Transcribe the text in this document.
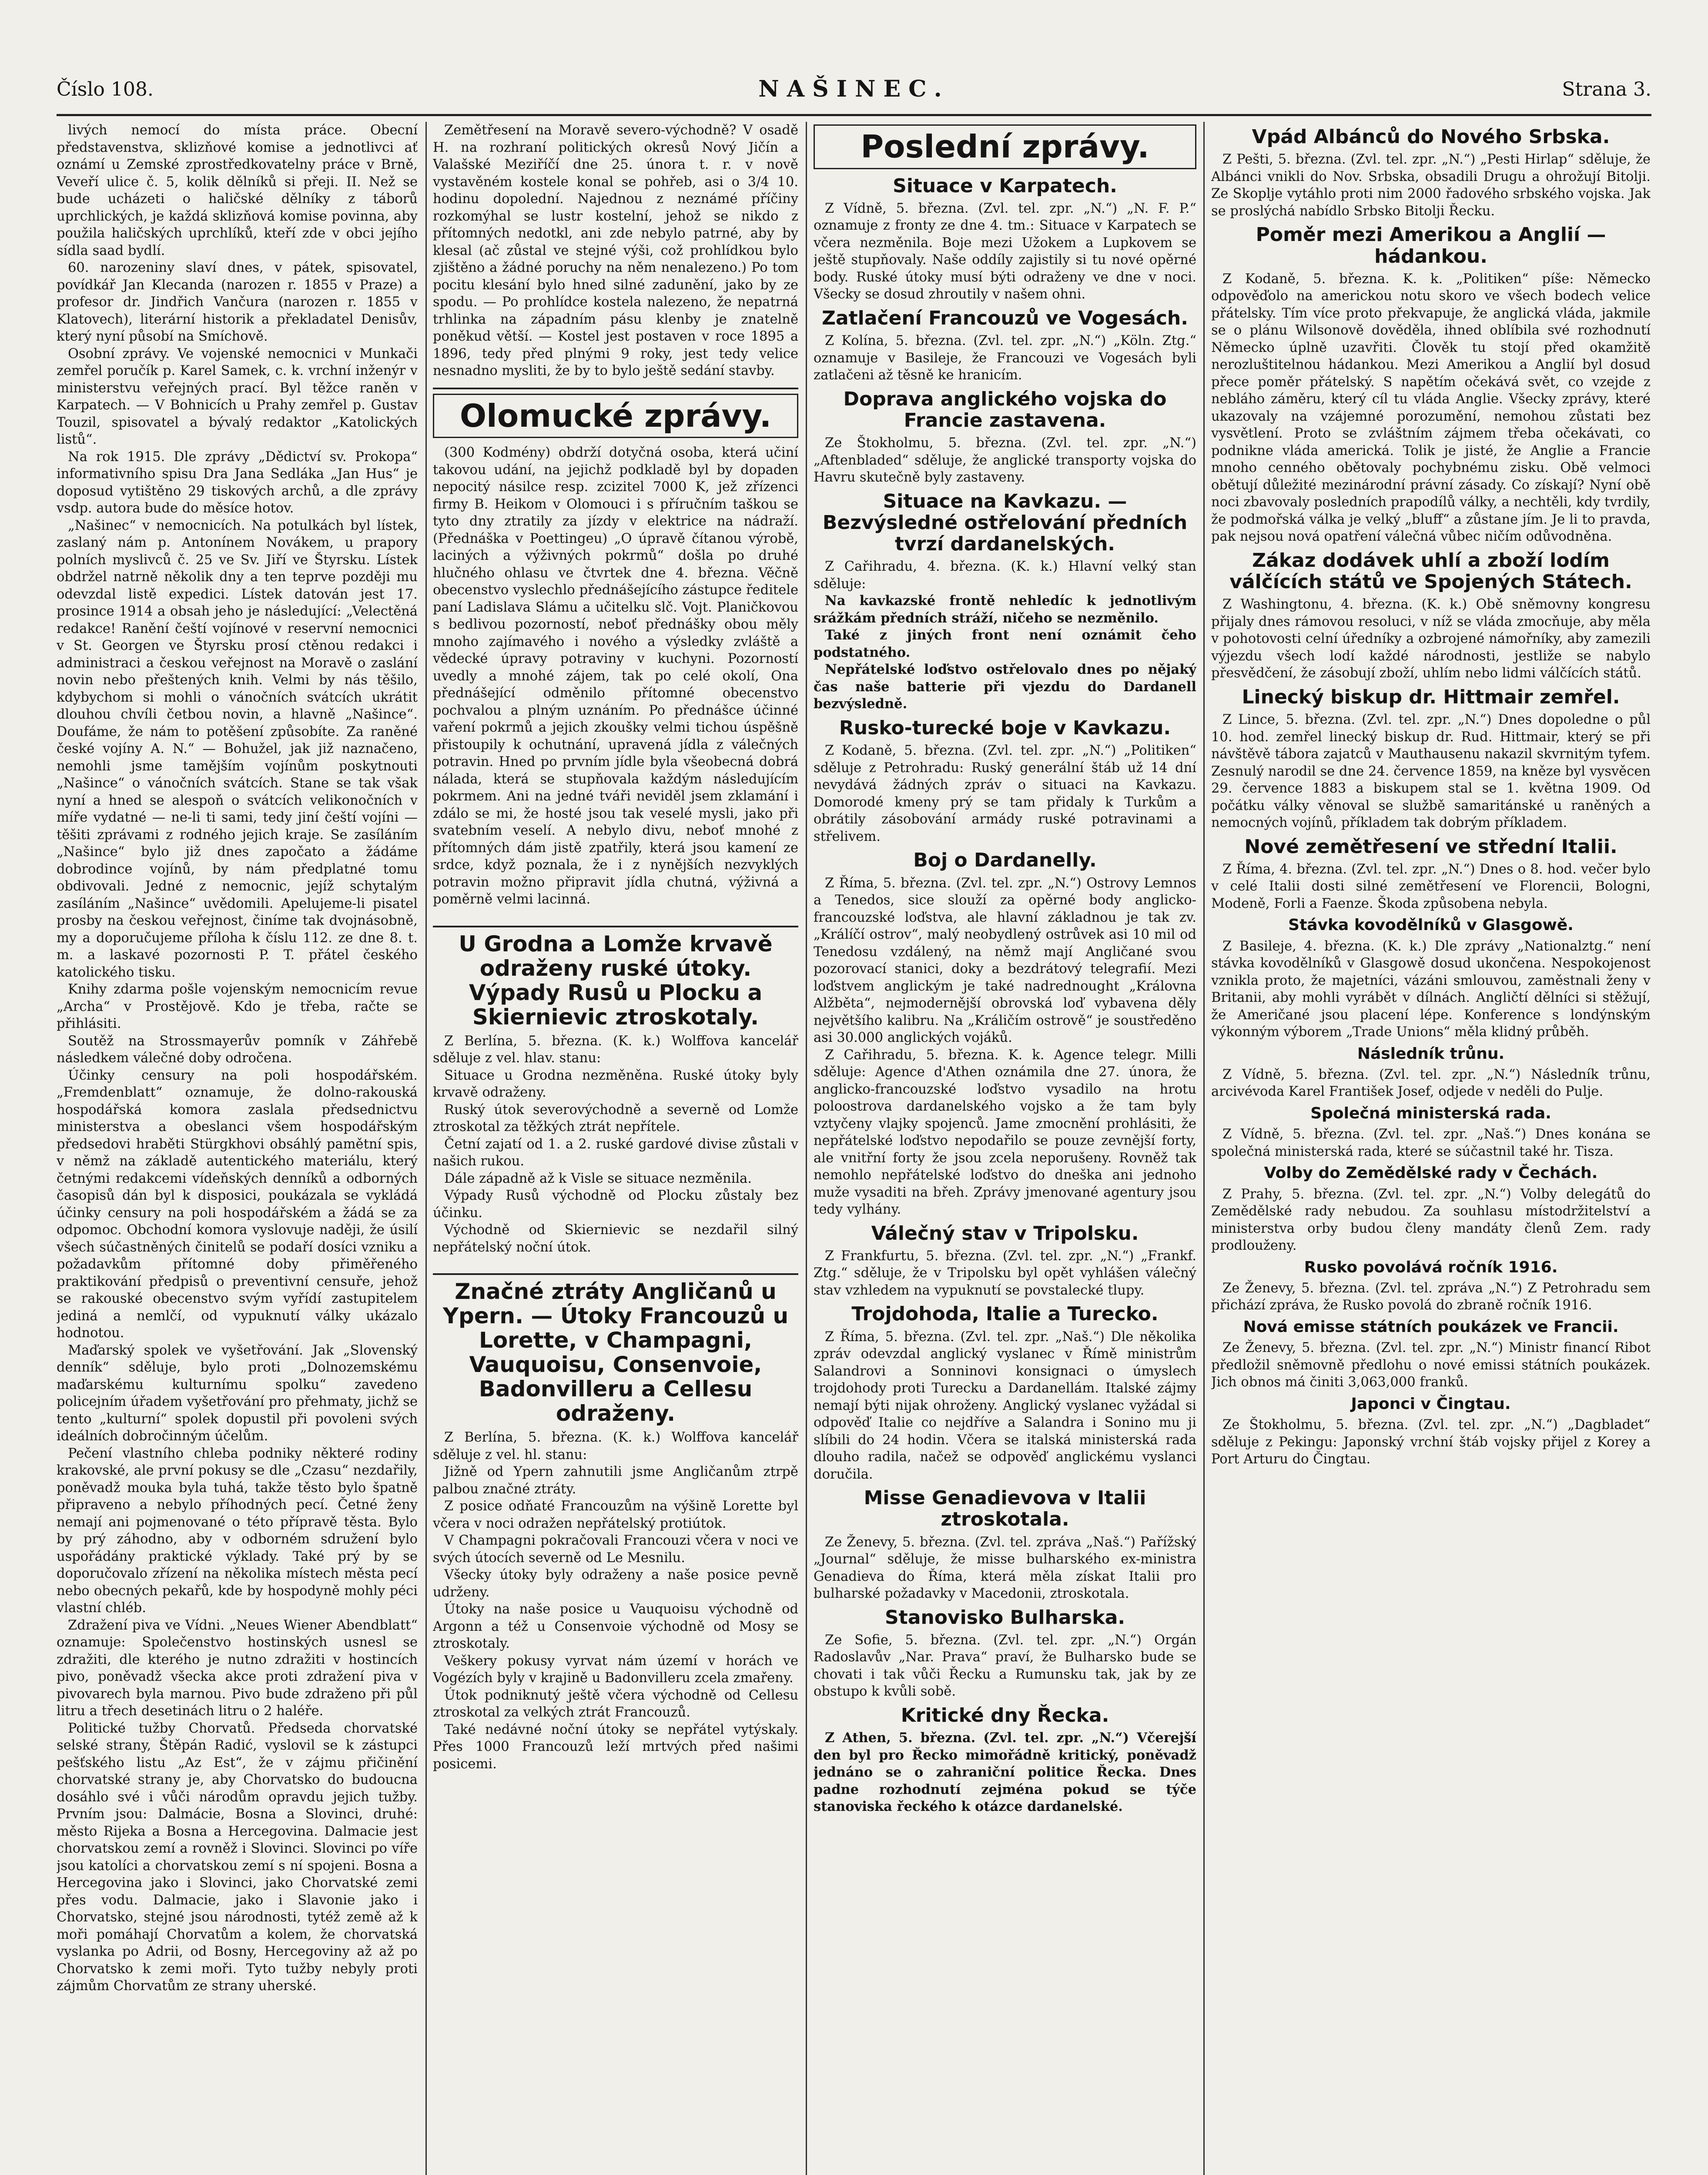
Číslo 108.	NAŠINEC.	Strana 3.

livých nemocí do místa práce. Obecní představenstva, sklizňové komise a jednotlivci ať oznámí u Zemské zprostředkovatelny práce v Brně, Veveří ulice č. 5, kolik dělníků si přeji. II. Než se bude ucházeti o haličské dělníky z táborů uprchlických, je každá sklizňová komise povinna, aby použila haličských uprchlíků, kteří zde v obci jejího sídla saad bydlí.

60. narozeniny slaví dnes, v pátek, spisovatel, povídkář Jan Klecanda (narozen r. 1855 v Praze) a profesor dr. Jindřich Vančura (narozen r. 1855 v Klatovech), literární historik a překladatel Denisův, který nyní působí na Smíchově.

Osobní zprávy. Ve vojenské nemocnici v Munkači zemřel poručík p. Karel Samek, c. k. vrchní inženýr v ministerstvu veřejných prací. Byl těžce raněn v Karpatech. — V Bohnicích u Prahy zemřel p. Gustav Touzil, spisovatel a bývalý redaktor „Katolických listů“.

Na rok 1915. Dle zprávy „Dědictví sv. Prokopa“ informativního spisu Dra Jana Sedláka „Jan Hus“ je doposud vytištěno 29 tiskových archů, a dle zprávy vsdp. autora bude do měsíce hotov.

„Našinec“ v nemocnicích. Na potulkách byl lístek, zaslaný nám p. Antonínem Novákem, u prapory polních myslivců č. 25 ve Sv. Jiří ve Štyrsku. Lístek obdržel natrně několik dny a ten teprve později mu odevzdal listě expedici. Lístek datován jest 17. prosince 1914 a obsah jeho je následující: „Velectěná redakce! Ranění čeští vojínové v reservní nemocnici v St. Georgen ve Štyrsku prosí ctěnou redakci i administraci a českou veřejnost na Moravě o zaslání novin nebo přeštených knih. Velmi by nás těšilo, kdybychom si mohli o vánočních svátcích ukrátit dlouhou chvíli četbou novin, a hlavně „Našince“. Doufáme, že nám to potěšení způsobíte. Za raněné české vojíny A. N.“ — Bohužel, jak již naznačeno, nemohli jsme tamějším vojínům poskytnouti „Našince“ o vánočních svátcích. Stane se tak však nyní a hned se alespoň o svátcích velikonočních v míře vydatné — ne-li ti sami, tedy jiní čeští vojíni — těšiti zprávami z rodného jejich kraje. Se zasíláním „Našince“ bylo již dnes započato a žádáme dobrodince vojínů, by nám předplatné tomu obdivovali. Jedné z nemocnic, jejíž schytalým zasíláním „Našince“ uvědomili. Apelujeme-li pisatel prosby na českou veřejnost, činíme tak dvojnásobně, my a doporučujeme příloha k číslu 112. ze dne 8. t. m. a laskavé pozornosti P. T. přátel českého katolického tisku.

Knihy zdarma pošle vojenským nemocnicím revue „Archa“ v Prostějově. Kdo je třeba, račte se přihlásiti.

Soutěž na Strossmayerův pomník v Záhřebě následkem válečné doby odročena.

Účinky censury na poli hospodářském. „Fremdenblatt“ oznamuje, že dolno-rakouská hospodářská komora zaslala předsednictvu ministerstva a obeslanci všem hospodářským předsedovi hraběti Stürgkhovi obsáhlý pamětní spis, v němž na základě autentického materiálu, který četnými redakcemi vídeňských denníků a odborných časopisů dán byl k disposici, poukázala se vykládá účinky censury na poli hospodářském a žádá se za odpomoc. Obchodní komora vyslovuje naději, že úsilí všech súčastněných činitelů se podaří dosíci vzniku a požadavkům přítomné doby přiměřeného praktikování předpisů o preventivní censuře, jehož se rakouské obecenstvo svým vyřídí zastupitelem jediná a nemlčí, od vypuknutí války ukázalo hodnotou.

Maďarský spolek ve vyšetřování. Jak „Slovenský denník“ sděluje, bylo proti „Dolnozemskému maďarskému kulturnímu spolku“ zavedeno policejním úřadem vyšetřování pro přehmaty, jichž se tento „kulturní“ spolek dopustil při povoleni svých ideálních dobročinným účelům.

Pečení vlastního chleba podniky některé rodiny krakovské, ale první pokusy se dle „Czasu“ nezdařily, poněvadž mouka byla tuhá, takže těsto bylo špatně připraveno a nebylo příhodných pecí. Četné ženy nemají ani pojmenované o této přípravě těsta. Bylo by prý záhodno, aby v odborném sdružení bylo uspořádány praktické výklady. Také prý by se doporučovalo zřízení na několika místech města pecí nebo obecných pekařů, kde by hospodyně mohly péci vlastní chléb.

Zdražení piva ve Vídni. „Neues Wiener Abendblatt“ oznamuje: Společenstvo hostinských usnesl se zdražiti, dle kterého je nutno zdražiti v hostincích pivo, poněvadž všecka akce proti zdražení piva v pivovarech byla marnou. Pivo bude zdraženo při půl litru a třech desetinách litru o 2 haléře.

Politické tužby Chorvatů. Předseda chorvatské selské strany, Štěpán Radić, vyslovil se k zástupci pešťského listu „Az Est“, že v zájmu přičinění chorvatské strany je, aby Chorvatsko do budoucna dosáhlo své i vůči národům opravdu jejich tužby. Prvním jsou: Dalmácie, Bosna a Slovinci, druhé: město Rijeka a Bosna a Hercegovina. Dalmacie jest chorvatskou zemí a rovněž i Slovinci. Slovinci po víře jsou katolíci a chorvatskou zemí s ní spojeni. Bosna a Hercegovina jako i Slovinci, jako Chorvatské zemi přes vodu. Dalmacie, jako i Slavonie jako i Chorvatsko, stejné jsou národnosti, tytéž země až k moři pomáhají Chorvatům a kolem, že chorvatská vyslanka po Adrii, od Bosny, Hercegoviny až až po Chorvatsko k zemi moři. Tyto tužby nebyly proti zájmům Chorvatům ze strany uherské.

Zemětřesení na Moravě severo-východně? V osadě H. na rozhraní politických okresů Nový Jičín a Valašské Meziříčí dne 25. února t. r. v nově vystavěném kostele konal se pohřeb, asi o 3/4 10. hodinu dopolední. Najednou z neznámé příčiny rozkomýhal se lustr kostelní, jehož se nikdo z přítomných nedotkl, ani zde nebylo patrné, aby by klesal (ač zůstal ve stejné výši, což prohlídkou bylo zjištěno a žádné poruchy na něm nenalezeno.) Po tom pocitu klesání bylo hned silné zadunění, jako by ze spodu. — Po prohlídce kostela nalezeno, že nepatrná trhlinka na západním pásu klenby je znatelně poněkud větší. — Kostel jest postaven v roce 1895 a 1896, tedy před plnými 9 roky, jest tedy velice nesnadno mysliti, že by to bylo ještě sedání stavby.

Olomucké zprávy.

(300 Kodmény) obdrží dotyčná osoba, která učiní takovou udání, na jejichž podkladě byl by dopaden nepocitý násilce resp. zcizitel 7000 K, jež zřízenci firmy B. Heikom v Olomouci i s příručním taškou se tyto dny ztratily za jízdy v elektrice na nádraží. (Přednáška v Poettingeu) „O úpravě čítanou výrobě, laciných a výživných pokrmů“ došla po druhé hlučného ohlasu ve čtvrtek dne 4. března. Věčně obecenstvo vyslechlo přednášejícího zástupce ředitele paní Ladislava Slámu a učitelku slč. Vojt. Planičkovou s bedlivou pozorností, neboť přednášky obou měly mnoho zajímavého i nového a výsledky zvláště a vědecké úpravy potraviny v kuchyni. Pozorností uvedly a mnohé zájem, tak po celé okolí, Ona přednášející odměnilo přítomné obecenstvo pochvalou a plným uznáním. Po přednášce účinné vaření pokrmů a jejich zkoušky velmi tichou úspěšně přistoupily k ochutnání, upravená jídla z válečných potravin. Hned po prvním jídle byla všeobecná dobrá nálada, která se stupňovala každým následujícím pokrmem. Ani na jedné tváři neviděl jsem zklamání i zdálo se mi, že hosté jsou tak veselé mysli, jako při svatebním veselí. A nebylo divu, neboť mnohé z přítomných dám jistě zpatřily, která jsou kamení ze srdce, když poznala, že i z nynějších nezvyklých potravin možno připravit jídla chutná, výživná a poměrně velmi lacinná.

U Grodna a Lomže krvavě odraženy ruské útoky. Výpady Rusů u Plocku a Skiernievic ztroskotaly.

Z Berlína, 5. března. (K. k.) Wolffova kancelář sděluje z vel. hlav. stanu:

Situace u Grodna nezměněna. Ruské útoky byly krvavě odraženy.

Ruský útok severovýchodně a severně od Lomže ztroskotal za těžkých ztrát nepřítele.

Četní zajatí od 1. a 2. ruské gardové divise zůstali v našich rukou.

Dále západně až k Visle se situace nezměnila.

Výpady Rusů východně od Plocku zůstaly bez účinku.

Východně od Skiernievic se nezdařil silný nepřátelský noční útok.

Značné ztráty Angličanů u Ypern. — Útoky Francouzů u Lorette, v Champagni, Vauquoisu, Consenvoie, Badonvilleru a Cellesu odraženy.

Z Berlína, 5. března. (K. k.) Wolffova kancelář sděluje z vel. hl. stanu:

Jižně od Ypern zahnutili jsme Angličanům ztrpě palbou značné ztráty.

Z posice odňaté Francouzům na výšině Lorette byl včera v noci odražen nepřátelský protiútok.

V Champagni pokračovali Francouzi včera v noci ve svých útocích severně od Le Mesnilu.

Všecky útoky byly odraženy a naše posice pevně udrženy.

Útoky na naše posice u Vauquoisu východně od Argonn a též u Consenvoie východně od Mosy se ztroskotaly.

Veškery pokusy vyrvat nám území v horách ve Vogézích byly v krajině u Badonvilleru zcela zmařeny.

Útok podniknutý ještě včera východně od Cellesu ztroskotal za velkých ztrát Francouzů.

Také nedávné noční útoky se nepřátel vytýskaly. Přes 1000 Francouzů leží mrtvých před našimi posicemi.

Poslední zprávy.
Situace v Karpatech.

Z Vídně, 5. března. (Zvl. tel. zpr. „N.“) „N. F. P.“ oznamuje z fronty ze dne 4. tm.: Situace v Karpatech se včera nezměnila. Boje mezi Užokem a Lupkovem se ještě stupňovaly. Naše oddíly zajistily si tu nové opěrné body. Ruské útoky musí býti odraženy ve dne v noci. Všecky se dosud zhroutily v našem ohni.

Zatlačení Francouzů ve Vogesách.

Z Kolína, 5. března. (Zvl. tel. zpr. „N.“) „Köln. Ztg.“ oznamuje v Basileje, že Francouzi ve Vogesách byli zatlačeni až těsně ke hranicím.

Doprava anglického vojska do Francie zastavena.

Ze Štokholmu, 5. března. (Zvl. tel. zpr. „N.“) „Aftenbladed“ sděluje, že anglické transporty vojska do Havru skutečně byly zastaveny.

Situace na Kavkazu. — Bezvýsledné ostřelování předních tvrzí dardanelských.

Z Cařihradu, 4. března. (K. k.) Hlavní velký stan sděluje:

Na kavkazské frontě nehledíc k jednotlivým srážkám předních stráží, ničeho se nezměnilo.

Také z jiných front není oznámit čeho podstatného.

Nepřátelské loďstvo ostřelovalo dnes po nějaký čas naše batterie při vjezdu do Dardanell bezvýsledně.

Rusko-turecké boje v Kavkazu.

Z Kodaně, 5. března. (Zvl. tel. zpr. „N.“) „Politiken“ sděluje z Petrohradu: Ruský generální štáb už 14 dní nevydává žádných zpráv o situaci na Kavkazu. Domorodé kmeny prý se tam přidaly k Turkům a obrátily zásobování armády ruské potravinami a střelivem.

Boj o Dardanelly.

Z Říma, 5. března. (Zvl. tel. zpr. „N.“) Ostrovy Lemnos a Tenedos, sice slouží za opěrné body anglicko-francouzské loďstva, ale hlavní základnou je tak zv. „Králíčí ostrov“, malý neobydlený ostrůvek asi 10 mil od Tenedosu vzdálený, na němž mají Angličané svou pozorovací stanici, doky a bezdrátový telegrafií. Mezi loďstvem anglickým je také nadrednought „Královna Alžběta“, nejmodernější obrovská loď vybavena děly největšího kalibru. Na „Králičím ostrově“ je soustředěno asi 30.000 anglických vojáků.

Z Cařihradu, 5. března. K. k. Agence telegr. Milli sděluje: Agence d'Athen oznámila dne 27. února, že anglicko-francouzské loďstvo vysadilo na hrotu poloostrova dardanelského vojsko a že tam byly vztyčeny vlajky spojenců. Jame zmocnění prohlásiti, že nepřátelské loďstvo nepodařilo se pouze zevnější forty, ale vnitřní forty že jsou zcela neporušeny. Rovněž tak nemohlo nepřátelské loďstvo do dneška ani jednoho muže vysaditi na břeh. Zprávy jmenované agentury jsou tedy vylhány.

Válečný stav v Tripolsku.

Z Frankfurtu, 5. března. (Zvl. tel. zpr. „N.“) „Frankf. Ztg.“ sděluje, že v Tripolsku byl opět vyhlášen válečný stav vzhledem na vypuknutí se povstalecké tlupy.

Trojdohoda, Italie a Turecko.

Z Říma, 5. března. (Zvl. tel. zpr. „Naš.“) Dle několika zpráv odevzdal anglický vyslanec v Římě ministrům Salandrovi a Sonninovi konsignaci o úmyslech trojdohody proti Turecku a Dardanellám. Italské zájmy nemají býti nijak ohroženy. Anglický vyslanec vyžádal si odpověď Italie co nejdříve a Salandra i Sonino mu ji slíbili do 24 hodin. Včera se italská ministerská rada dlouho radila, načež se odpověď anglickému vyslanci doručila.

Misse Genadievova v Italii ztroskotala.

Ze Ženevy, 5. března. (Zvl. tel. zpráva „Naš.“) Pařížský „Journal“ sděluje, že misse bulharského ex-ministra Genadieva do Říma, která měla získat Italii pro bulharské požadavky v Macedonii, ztroskotala.

Stanovisko Bulharska.

Ze Sofie, 5. března. (Zvl. tel. zpr. „N.“) Orgán Radoslavův „Nar. Prava“ praví, že Bulharsko bude se chovati i tak vůči Řecku a Rumunsku tak, jak by ze obstupo k kvůli sobě.

Kritické dny Řecka.

Z Athen, 5. března. (Zvl. tel. zpr. „N.“) Včerejší den byl pro Řecko mimořádně kritický, poněvadž jednáno se o zahraniční politice Řecka. Dnes padne rozhodnutí zejména pokud se týče stanoviska řeckého k otázce dardanelské.

Vpád Albánců do Nového Srbska.

Z Pešti, 5. března. (Zvl. tel. zpr. „N.“) „Pesti Hirlap“ sděluje, že Albánci vnikli do Nov. Srbska, obsadili Drugu a ohrožují Bitolji. Ze Skoplje vytáhlo proti nim 2000 řadového srbského vojska. Jak se proslýchá nabídlo Srbsko Bitolji Řecku.

Poměr mezi Amerikou a Anglií — hádankou.

Z Kodaně, 5. března. K. k. „Politiken“ píše: Německo odpověďolo na americkou notu skoro ve všech bodech velice přátelsky. Tím více proto překvapuje, že anglická vláda, jakmile se o plánu Wilsonově dověděla, ihned oblíbila své rozhodnutí Německo úplně uzavřiti. Člověk tu stojí před okamžitě nerozluštitelnou hádankou. Mezi Amerikou a Anglií byl dosud přece poměr přátelský. S napětím očekává svět, co vzejde z nebláho záměru, který cíl tu vláda Anglie. Všecky zprávy, které ukazovaly na vzájemné porozumění, nemohou zůstati bez vysvětlení. Proto se zvláštním zájmem třeba očekávati, co podnikne vláda americká. Tolik je jisté, že Anglie a Francie mnoho cenného obětovaly pochybnému zisku. Obě velmoci obětují důležité mezinárodní právní zásady. Co získají? Nyní obě noci zbavovaly posledních prapodílů války, a nechtěli, kdy tvrdily, že podmořská válka je velký „bluff“ a zůstane jím. Je li to pravda, pak nejsou nová opatření válečná vůbec ničím odůvodněna.

Zákaz dodávek uhlí a zboží lodím válčících států ve Spojených Státech.

Z Washingtonu, 4. března. (K. k.) Obě sněmovny kongresu přijaly dnes rámovou resoluci, v níž se vláda zmocňuje, aby měla v pohotovosti celní úředníky a ozbrojené námořníky, aby zamezili výjezdu všech lodí každé národnosti, jestliže se nabylo přesvědčení, že zásobují zboží, uhlím nebo lidmi válčících států.

Linecký biskup dr. Hittmair zemřel.

Z Lince, 5. března. (Zvl. tel. zpr. „N.“) Dnes dopoledne o půl 10. hod. zemřel linecký biskup dr. Rud. Hittmair, který se při návštěvě tábora zajatců v Mauthausenu nakazil skvrnitým tyfem. Zesnulý narodil se dne 24. července 1859, na kněze byl vysvěcen 29. července 1883 a biskupem stal se 1. května 1909. Od počátku války věnoval se službě samaritánské u raněných a nemocných vojínů, příkladem tak dobrým příkladem.

Nové zemětřesení ve střední Italii.

Z Říma, 4. března. (Zvl. tel. zpr. „N.“) Dnes o 8. hod. večer bylo v celé Italii dosti silné zemětřesení ve Florencii, Bologni, Modeně, Forli a Faenze. Škoda způsobena nebyla.

Stávka kovodělníků v Glasgowě.

Z Basileje, 4. března. (K. k.) Dle zprávy „Nationalztg.“ není stávka kovodělníků v Glasgowě dosud ukončena. Nespokojenost vznikla proto, že majetníci, vázáni smlouvou, zaměstnali ženy v Britanii, aby mohli vyrábět v dílnách. Angličtí dělníci si stěžují, že Američané jsou placení lépe. Konference s londýnským výkonným výborem „Trade Unions“ měla klidný průběh.

Následník trůnu.

Z Vídně, 5. března. (Zvl. tel. zpr. „N.“) Následník trůnu, arcivévoda Karel František Josef, odjede v neděli do Pulje.

Společná ministerská rada.

Z Vídně, 5. března. (Zvl. tel. zpr. „Naš.“) Dnes konána se společná ministerská rada, které se súčastnil také hr. Tisza.

Volby do Zemědělské rady v Čechách.

Z Prahy, 5. března. (Zvl. tel. zpr. „N.“) Volby delegátů do Zemědělské rady nebudou. Za souhlasu místodržitelství a ministerstva orby budou členy mandáty členů Zem. rady prodlouženy.

Rusko povolává ročník 1916.

Ze Ženevy, 5. března. (Zvl. tel. zpráva „N.“) Z Petrohradu sem přichází zpráva, že Rusko povolá do zbraně ročník 1916.

Nová emisse státních poukázek ve Francii.

Ze Ženevy, 5. března. (Zvl. tel. zpr. „N.“) Ministr financí Ribot předložil sněmovně předlohu o nové emissi státních poukázek. Jich obnos má činiti 3,063,000 franků.

Japonci v Čingtau.

Ze Štokholmu, 5. března. (Zvl. tel. zpr. „N.“) „Dagbladet“ sděluje z Pekingu: Japonský vrchní štáb vojsky přijel z Korey a Port Arturu do Čingtau.
